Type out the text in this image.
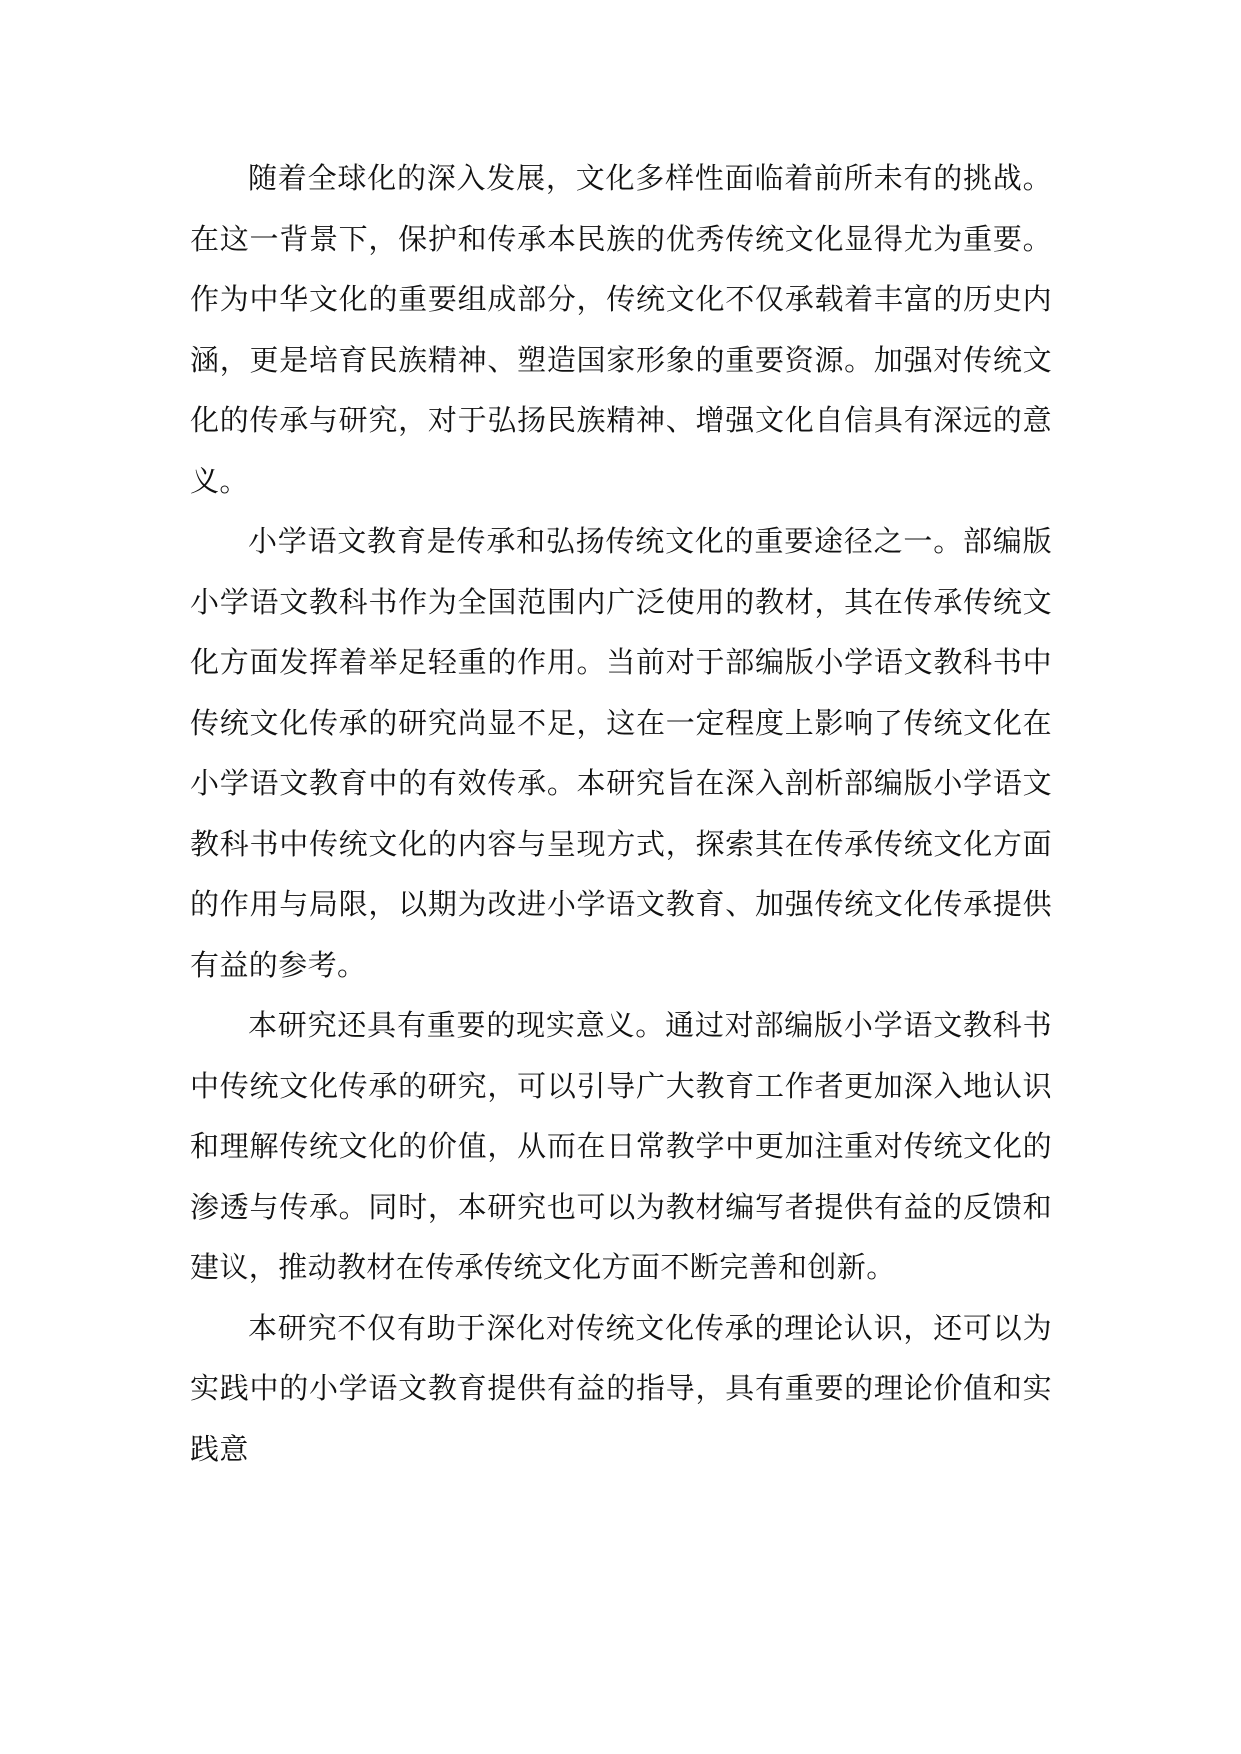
随着全球化的深入发展，文化多样性面临着前所未有的挑战。在这一背景下，保护和传承本民族的优秀传统文化显得尤为重要。作为中华文化的重要组成部分，传统文化不仅承载着丰富的历史内涵，更是培育民族精神、塑造国家形象的重要资源。加强对传统文化的传承与研究，对于弘扬民族精神、增强文化自信具有深远的意义。

小学语文教育是传承和弘扬传统文化的重要途径之一。部编版小学语文教科书作为全国范围内广泛使用的教材，其在传承传统文化方面发挥着举足轻重的作用。当前对于部编版小学语文教科书中传统文化传承的研究尚显不足，这在一定程度上影响了传统文化在小学语文教育中的有效传承。本研究旨在深入剖析部编版小学语文教科书中传统文化的内容与呈现方式，探索其在传承传统文化方面的作用与局限，以期为改进小学语文教育、加强传统文化传承提供有益的参考。

本研究还具有重要的现实意义。通过对部编版小学语文教科书中传统文化传承的研究，可以引导广大教育工作者更加深入地认识和理解传统文化的价值，从而在日常教学中更加注重对传统文化的渗透与传承。同时，本研究也可以为教材编写者提供有益的反馈和建议，推动教材在传承传统文化方面不断完善和创新。

本研究不仅有助于深化对传统文化传承的理论认识，还可以为实践中的小学语文教育提供有益的指导，具有重要的理论价值和实践意
